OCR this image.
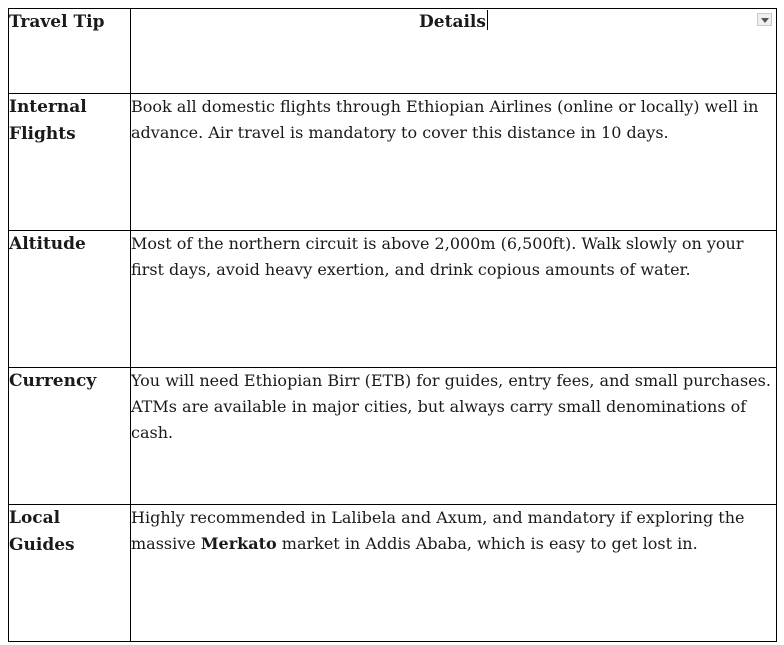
Travel Tip	Details
Internal Flights	Book all domestic flights through Ethiopian Airlines (online or locally) well in advance. Air travel is mandatory to cover this distance in 10 days.
Altitude	Most of the northern circuit is above 2,000m (6,500ft). Walk slowly on your first days, avoid heavy exertion, and drink copious amounts of water.
Currency	You will need Ethiopian Birr (ETB) for guides, entry fees, and small purchases. ATMs are available in major cities, but always carry small denominations of cash.
Local Guides	Highly recommended in Lalibela and Axum, and mandatory if exploring the massive Merkato market in Addis Ababa, which is easy to get lost in.
